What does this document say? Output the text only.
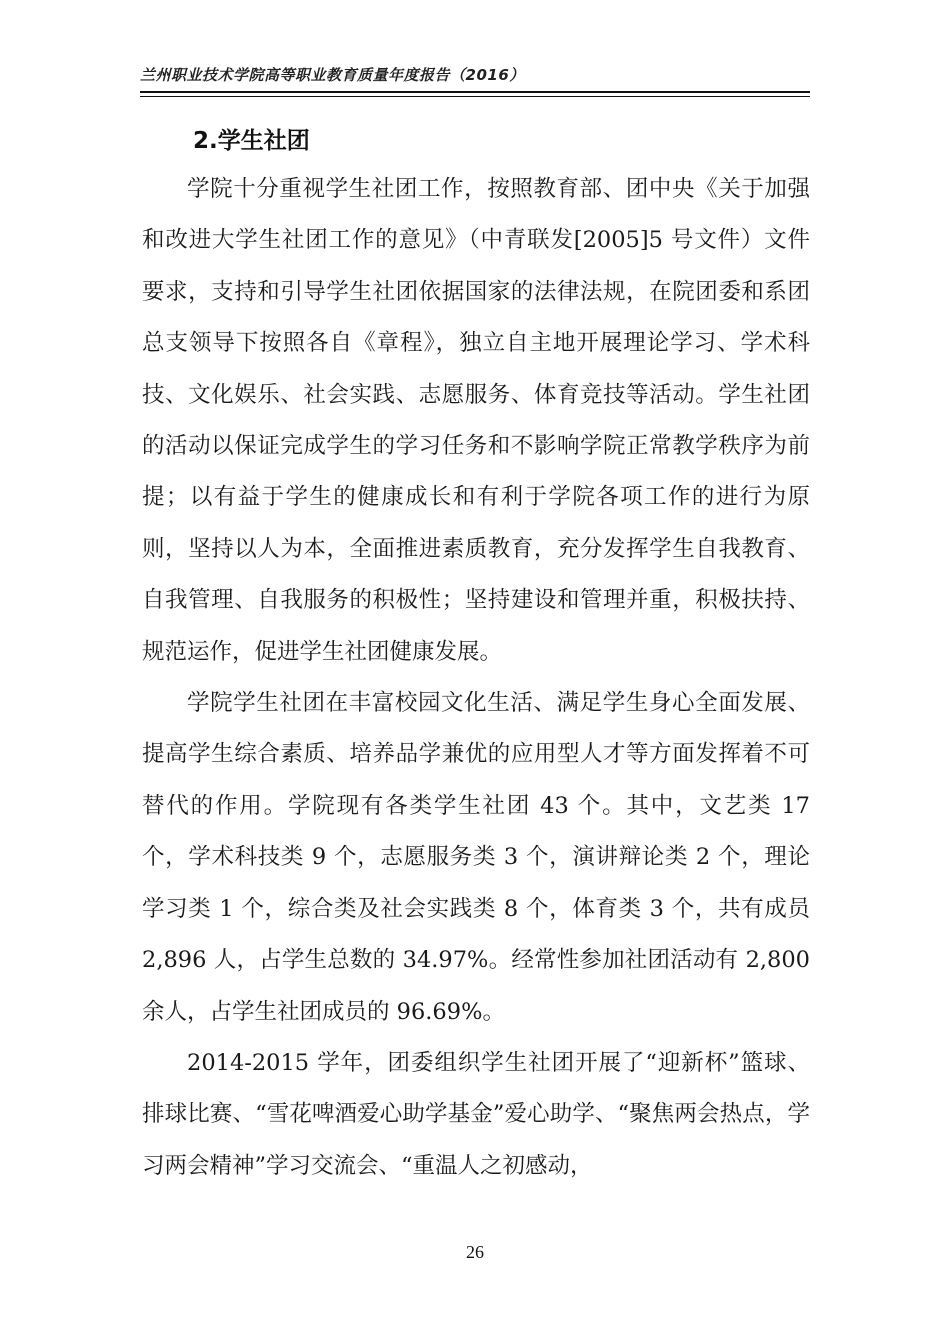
兰州职业技术学院高等职业教育质量年度报告（2016）
2.学生社团

学院十分重视学生社团工作，按照教育部、团中央《关于加强和改进大学生社团工作的意见》（中青联发[2005]5 号文件）文件要求，支持和引导学生社团依据国家的法律法规，在院团委和系团总支领导下按照各自《章程》，独立自主地开展理论学习、学术科技、文化娱乐、社会实践、志愿服务、体育竞技等活动。学生社团的活动以保证完成学生的学习任务和不影响学院正常教学秩序为前提；以有益于学生的健康成长和有利于学院各项工作的进行为原则，坚持以人为本，全面推进素质教育，充分发挥学生自我教育、自我管理、自我服务的积极性；坚持建设和管理并重，积极扶持、规范运作，促进学生社团健康发展。

学院学生社团在丰富校园文化生活、满足学生身心全面发展、提高学生综合素质、培养品学兼优的应用型人才等方面发挥着不可替代的作用。学院现有各类学生社团 43 个。其中，文艺类 17 个，学术科技类 9 个，志愿服务类 3 个，演讲辩论类 2 个，理论学习类 1 个，综合类及社会实践类 8 个，体育类 3 个，共有成员 2,896 人，占学生总数的 34.97%。经常性参加社团活动有 2,800 余人，占学生社团成员的 96.69%。

2014-2015 学年，团委组织学生社团开展了“迎新杯”篮球、排球比赛、“雪花啤酒爱心助学基金”爱心助学、“聚焦两会热点，学习两会精神”学习交流会、“重温人之初感动，

26
